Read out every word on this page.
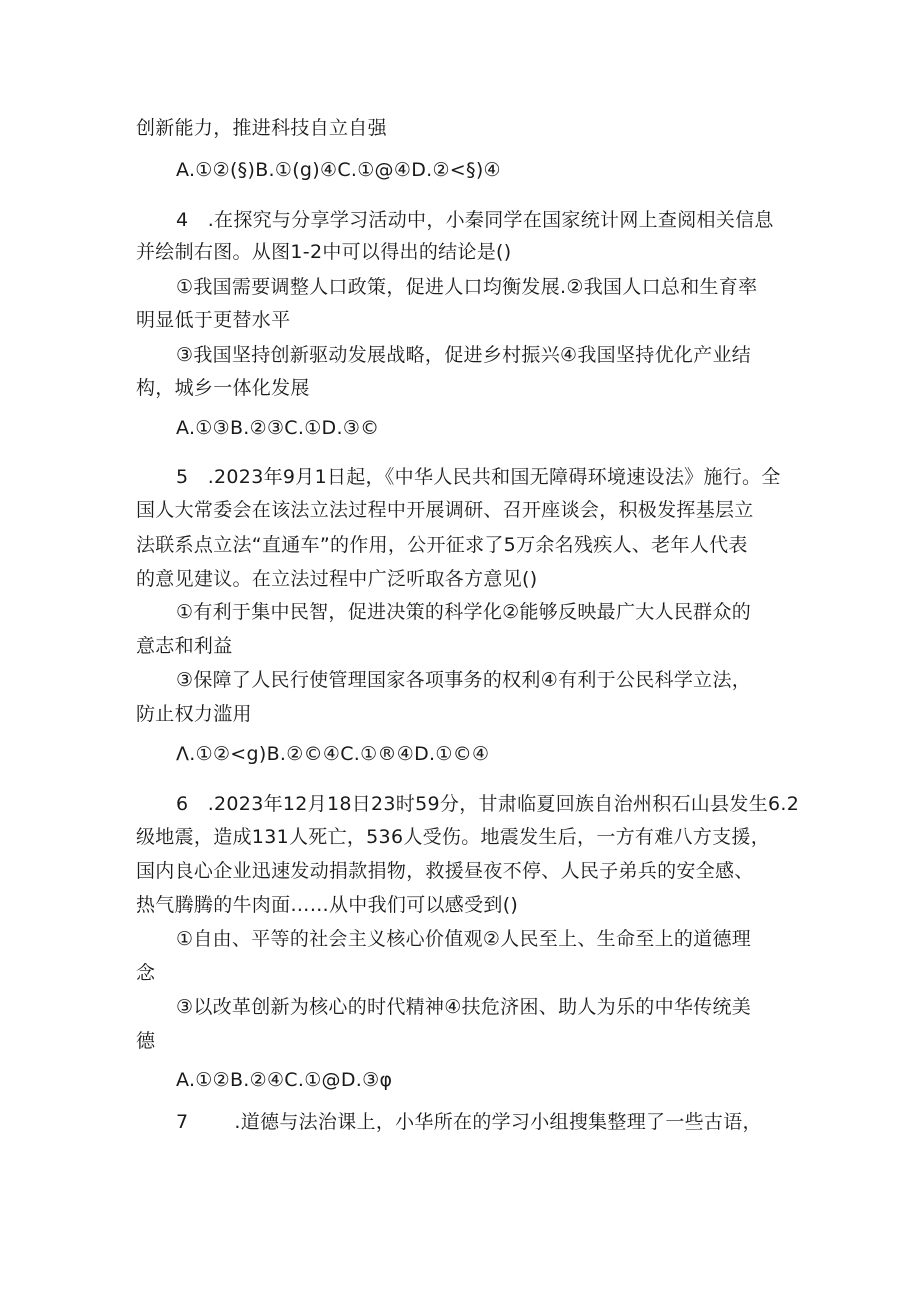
创新能力，推进科技自立自强
A.①②(§)B.①(g)④C.①@④D.②<§)④
4　.在探究与分享学习活动中，小秦同学在国家统计网上查阅相关信息
并绘制右图。从图1-2中可以得出的结论是()
①我国需要调整人口政策，促进人口均衡发展.②我国人口总和生育率
明显低于更替水平
③我国坚持创新驱动发展战略，促进乡村振兴④我国坚持优化产业结
构，城乡一体化发展
A.①③B.②③C.①D.③©
5　.2023年9月1日起，《中华人民共和国无障碍环境速设法》施行。全
国人大常委会在该法立法过程中开展调研、召开座谈会，积极发挥基层立
法联系点立法“直通车”的作用，公开征求了5万余名残疾人、老年人代表
的意见建议。在立法过程中广泛听取各方意见()
①有利于集中民智，促进决策的科学化②能够反映最广大人民群众的
意志和利益
③保障了人民行使管理国家各项事务的权利④有利于公民科学立法，
防止权力滥用
Λ.①②<g)B.②©④C.①®④D.①©④
6　.2023年12月18日23时59分，甘肃临夏回族自治州积石山县发生6.2
级地震，造成131人死亡，536人受伤。地震发生后，一方有难八方支援，
国内良心企业迅速发动捐款捐物，救援昼夜不停、人民子弟兵的安全感、
热气腾腾的牛肉面……从中我们可以感受到()
①自由、平等的社会主义核心价值观②人民至上、生命至上的道德理
念
③以改革创新为核心的时代精神④扶危济困、助人为乐的中华传统美
德
A.①②B.②④C.①@D.③φ
7 .道德与法治课上，小华所在的学习小组搜集整理了一些古语，
